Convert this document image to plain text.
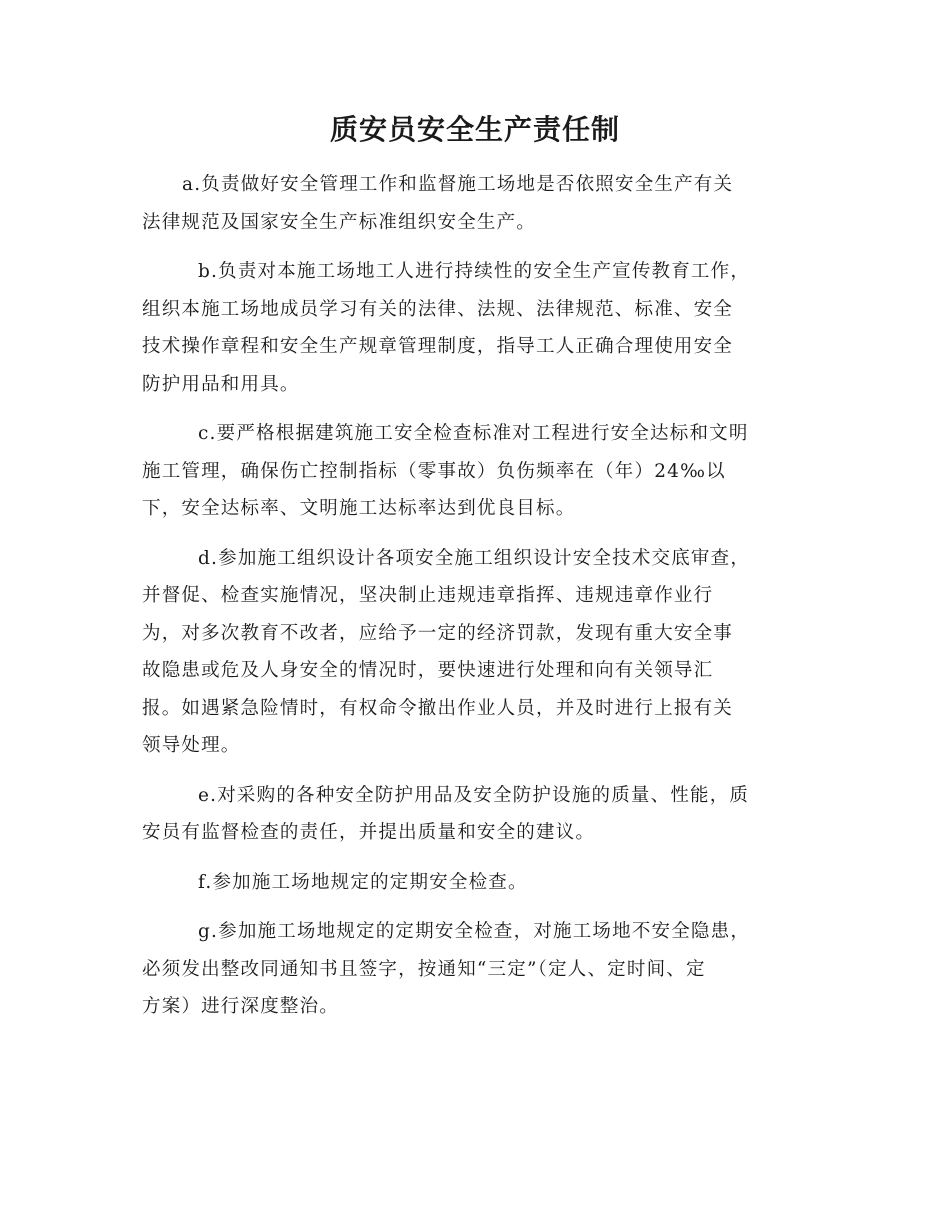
质安员安全生产责任制
a.负责做好安全管理工作和监督施工场地是否依照安全生产有关
法律规范及国家安全生产标准组织安全生产。
b.负责对本施工场地工人进行持续性的安全生产宣传教育工作，
组织本施工场地成员学习有关的法律、法规、法律规范、标准、安全
技术操作章程和安全生产规章管理制度，指导工人正确合理使用安全
防护用品和用具。
c.要严格根据建筑施工安全检查标准对工程进行安全达标和文明
施工管理，确保伤亡控制指标（零事故）负伤频率在（年）24‰以
下，安全达标率、文明施工达标率达到优良目标。
d.参加施工组织设计各项安全施工组织设计安全技术交底审查，
并督促、检查实施情况，坚决制止违规违章指挥、违规违章作业行
为，对多次教育不改者，应给予一定的经济罚款，发现有重大安全事
故隐患或危及人身安全的情况时，要快速进行处理和向有关领导汇
报。如遇紧急险情时，有权命令撤出作业人员，并及时进行上报有关
领导处理。
e.对采购的各种安全防护用品及安全防护设施的质量、性能，质
安员有监督检查的责任，并提出质量和安全的建议。
f.参加施工场地规定的定期安全检查。
g.参加施工场地规定的定期安全检查，对施工场地不安全隐患，
必须发出整改同通知书且签字，按通知“三定”（定人、定时间、定
方案）进行深度整治。
